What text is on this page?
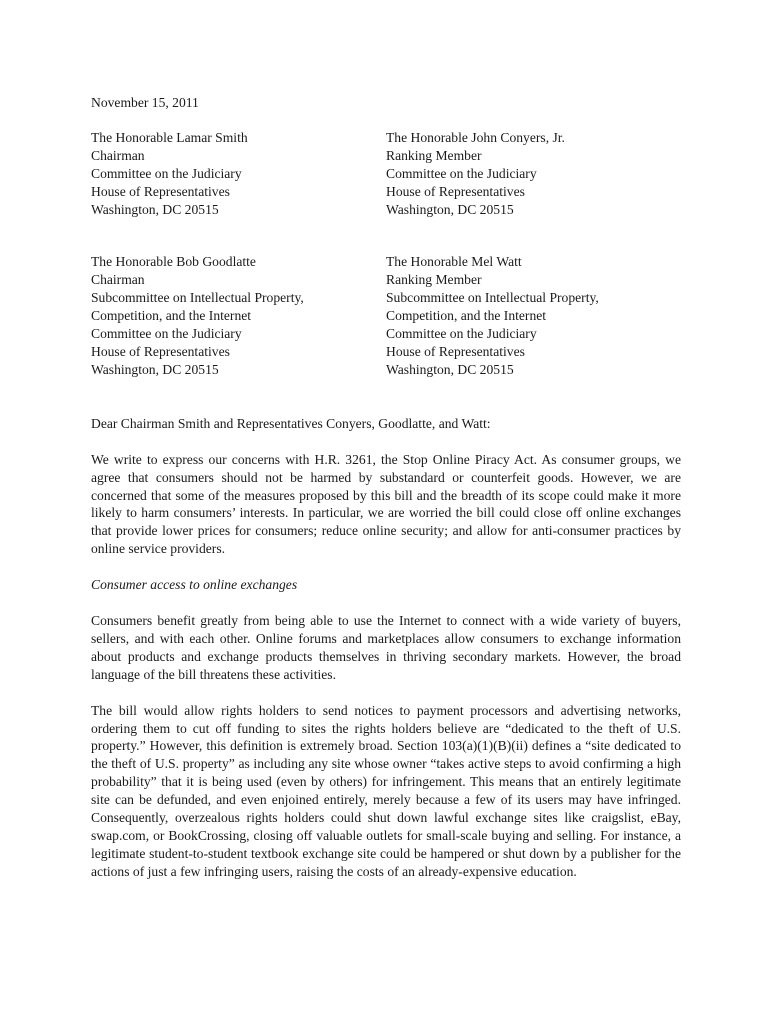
November 15, 2011
The Honorable Lamar Smith
Chairman
Committee on the Judiciary
House of Representatives
Washington, DC 20515
The Honorable John Conyers, Jr.
Ranking Member
Committee on the Judiciary
House of Representatives
Washington, DC 20515
The Honorable Bob Goodlatte
Chairman
Subcommittee on Intellectual Property,
Competition, and the Internet
Committee on the Judiciary
House of Representatives
Washington, DC 20515
The Honorable Mel Watt
Ranking Member
Subcommittee on Intellectual Property,
Competition, and the Internet
Committee on the Judiciary
House of Representatives
Washington, DC 20515
Dear Chairman Smith and Representatives Conyers, Goodlatte, and Watt:

We write to express our concerns with H.R. 3261, the Stop Online Piracy Act. As consumer groups, we agree that consumers should not be harmed by substandard or counterfeit goods. However, we are concerned that some of the measures proposed by this bill and the breadth of its scope could make it more likely to harm consumers’ interests. In particular, we are worried the bill could close off online exchanges that provide lower prices for consumers; reduce online security; and allow for anti-consumer practices by online service providers.

Consumer access to online exchanges

Consumers benefit greatly from being able to use the Internet to connect with a wide variety of buyers, sellers, and with each other. Online forums and marketplaces allow consumers to exchange information about products and exchange products themselves in thriving secondary markets. However, the broad language of the bill threatens these activities.

The bill would allow rights holders to send notices to payment processors and advertising networks, ordering them to cut off funding to sites the rights holders believe are “dedicated to the theft of U.S. property.” However, this definition is extremely broad. Section 103(a)(1)(B)(ii) defines a “site dedicated to the theft of U.S. property” as including any site whose owner “takes active steps to avoid confirming a high probability” that it is being used (even by others) for infringement. This means that an entirely legitimate site can be defunded, and even enjoined entirely, merely because a few of its users may have infringed. Consequently, overzealous rights holders could shut down lawful exchange sites like craigslist, eBay, swap.com, or BookCrossing, closing off valuable outlets for small-scale buying and selling. For instance, a legitimate student-to-student textbook exchange site could be hampered or shut down by a publisher for the actions of just a few infringing users, raising the costs of an already-expensive education.
